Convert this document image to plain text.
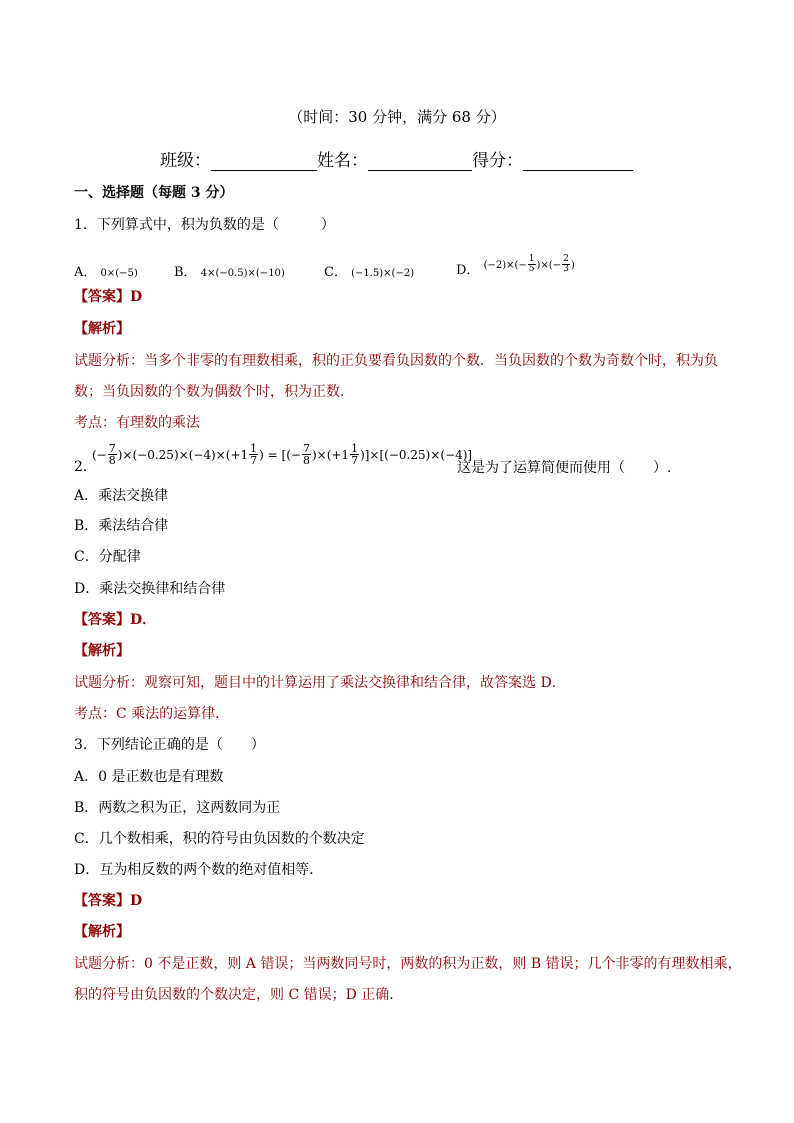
（时间：30 分钟，满分 68 分）
班级：	姓名：	得分：
一、选择题（每题 3 分）
1．下列算式中，积为负数的是（　　　）
A． 0×(−5)	B． 4×(−0.5)×(−10)	C． (−1.5)×(−2)	D． $(-2)\times(- \frac{1}{5}$ )×(− $\frac{2}{3}$ )
【答案】D
【解析】
试题分析：当多个非零的有理数相乘，积的正负要看负因数的个数．当负因数的个数为奇数个时，积为负
数；当负因数的个数为偶数个时，积为正数．
考点：有理数的乘法
2．
(− $\frac{7}{8} )\times(-0.25)\times(-4)\times(+1 \frac{1}{7}$ ) = [(− $\frac{7}{8} )\times(+1 \frac{1}{7} )]\times[(-0.25)\times(-4)]$
这是为了运算简便而使用（　　）.
A．乘法交换律
B．乘法结合律
C．分配律
D．乘法交换律和结合律
【答案】D．
【解析】
试题分析：观察可知，题目中的计算运用了乘法交换律和结合律，故答案选 D．
考点：C 乘法的运算律．
3．下列结论正确的是（　　）
A．0 是正数也是有理数
B．两数之积为正，这两数同为正
C．几个数相乘，积的符号由负因数的个数决定
D．互为相反数的两个数的绝对值相等．
【答案】D
【解析】
试题分析：0 不是正数，则 A 错误；当两数同号时，两数的积为正数，则 B 错误；几个非零的有理数相乘，
积的符号由负因数的个数决定，则 C 错误；D 正确．
